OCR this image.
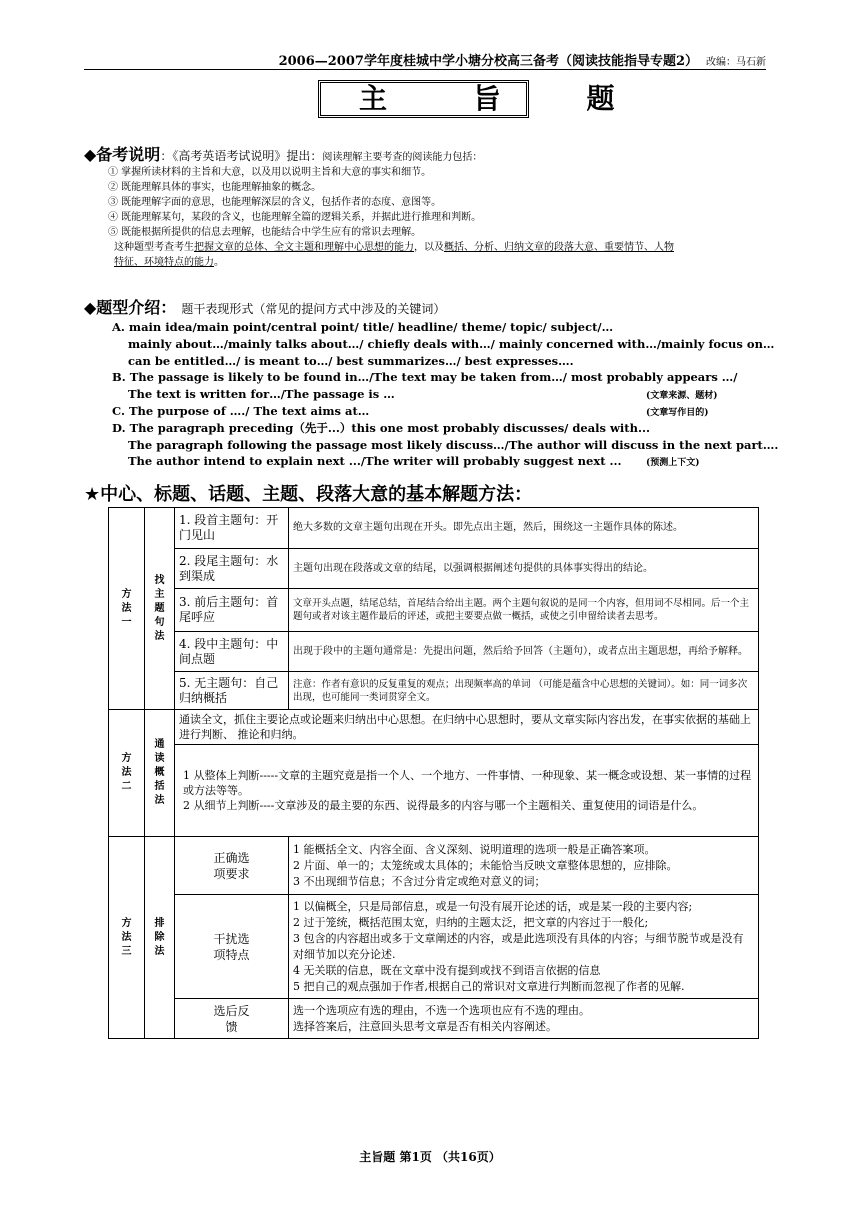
2006—2007学年度桂城中学小塘分校高三备考（阅读技能指导专题2） 改编：马石新
主 旨 题
◆备考说明：《高考英语考试说明》提出：阅读理解主要考查的阅读能力包括：

① 掌握所读材料的主旨和大意，以及用以说明主旨和大意的事实和细节。

② 既能理解具体的事实，也能理解抽象的概念。

③ 既能理解字面的意思，也能理解深层的含义，包括作者的态度、意图等。

④ 既能理解某句，某段的含义，也能理解全篇的逻辑关系，并据此进行推理和判断。

⑤ 既能根据所提供的信息去理解，也能结合中学生应有的常识去理解。

这种题型考查考生把握文章的总体、全文主题和理解中心思想的能力，以及概括、分析、归纳文章的段落大意、重要情节、人物

特征、环境特点的能力。

◆题型介绍： 题干表现形式（常见的提问方式中涉及的关键词）

A. main idea/main point/central point/ title/ headline/ theme/ topic/ subject/…

mainly about…/mainly talks about…/ chiefly deals with…/ mainly concerned with…/mainly focus on…

can be entitled…/ is meant to…/ best summarizes…/ best expresses….

B. The passage is likely to be found in…/The text may be taken from…/ most probably appears …/

The text is written for…/The passage is …	(文章来源、题材)

C. The purpose of …./ The text aims at…	(文章写作目的)

D. The paragraph preceding（先于...）this one most probably discusses/ deals with...

The paragraph following the passage most likely discuss…/The author will discuss in the next part….

The author intend to explain next .../The writer will probably suggest next ...	(预测上下文)

★中心、标题、话题、主题、段落大意的基本解题方法：
方法一	找主题句法	1. 段首主题句：开门见山	绝大多数的文章主题句出现在开头。即先点出主题，然后，围绕这一主题作具体的陈述。
		2. 段尾主题句：水到渠成	主题句出现在段落或文章的结尾，以强调根据阐述句提供的具体事实得出的结论。
		3. 前后主题句：首尾呼应	文章开头点题，结尾总结，首尾结合给出主题。两个主题句叙说的是同一个内容，但用词不尽相同。后一个主题句或者对该主题作最后的评述，或把主要要点做一概括，或使之引申留给读者去思考。
		4. 段中主题句：中间点题	出现于段中的主题句通常是：先提出问题，然后给予回答（主题句），或者点出主题思想，再给予解释。
		5. 无主题句：自己归纳概括	注意：作者有意识的反复重复的观点；出现频率高的单词 （可能是蕴含中心思想的关键词）。如：同一词多次出现，也可能同一类词贯穿全文。

方法二	通读概括法	通读全文，抓住主要论点或论题来归纳出中心思想。在归纳中心思想时，要从文章实际内容出发，在事实依据的基础上进行判断、 推论和归纳。	

		1 从整体上判断-----文章的主题究竟是指一个人、一个地方、一件事情、一种现象、某一概念或设想、某一事情的过程或方法等等。
2 从细节上判断----文章涉及的最主要的东西、说得最多的内容与哪一个主题相关、重复使用的词语是什么。	

方法三	排除法	正确选项要求	1 能概括全文、内容全面、含义深刻、说明道理的选项一般是正确答案项。
2 片面、单一的；太笼统或太具体的；未能恰当反映文章整体思想的，应排除。
3 不出现细节信息；不含过分肯定或绝对意义的词；

		干扰选项特点	1 以偏概全，只是局部信息，或是一句没有展开论述的话，或是某一段的主要内容;
2 过于笼统，概括范围太宽，归纳的主题太泛，把文章的内容过于一般化;
3 包含的内容超出或多于文章阐述的内容，或是此选项没有具体的内容；与细节脱节或是没有对细节加以充分论述.
4 无关联的信息，既在文章中没有提到或找不到语言依据的信息
5 把自己的观点强加于作者,根据自己的常识对文章进行判断而忽视了作者的见解.

		选后反馈	选一个选项应有选的理由，不选一个选项也应有不选的理由。
选择答案后，注意回头思考文章是否有相关内容阐述。
主旨题 第1页 （共16页）
